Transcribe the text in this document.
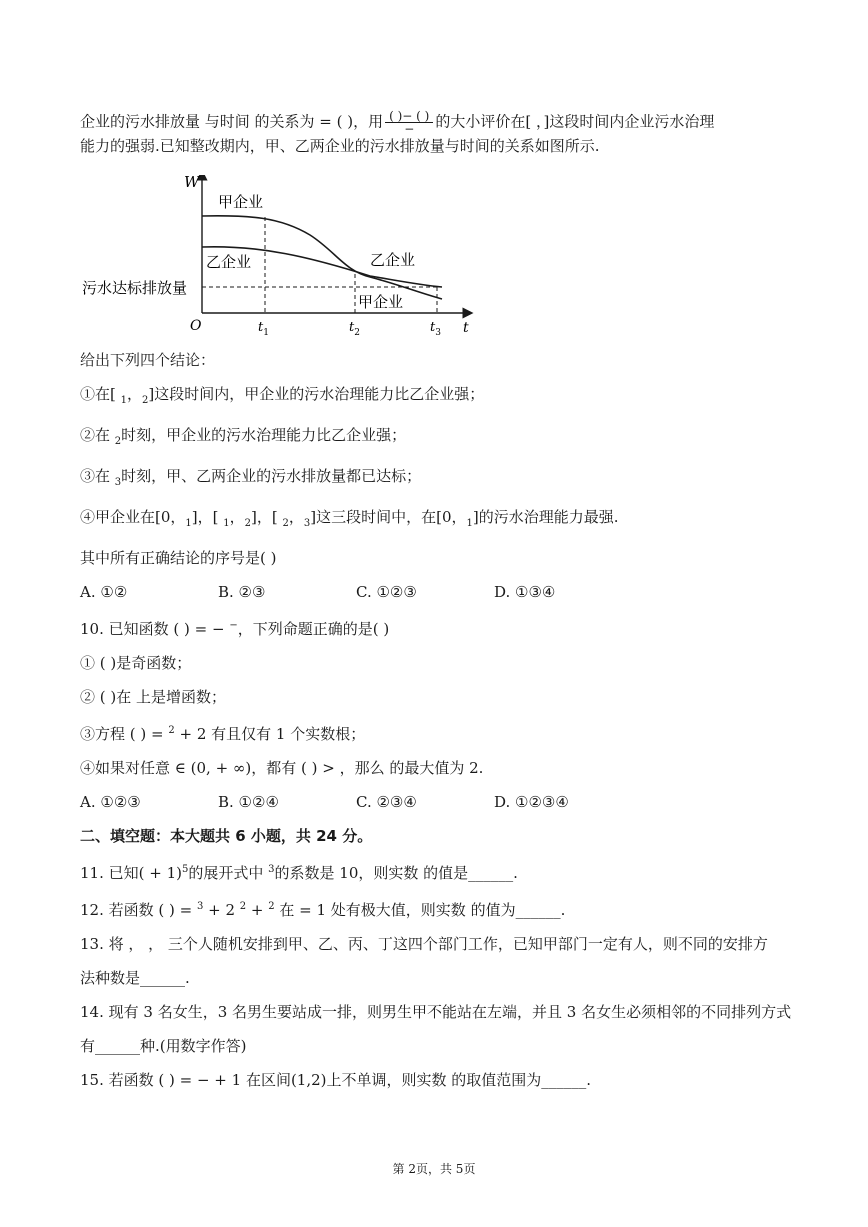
企业的污水排放量 与时间 的关系为 = ( )，用 $\frac{( )- ( )}{-}$ 的大小评价在[ ，]这段时间内企业污水治理

能力的强弱.已知整改期内，甲、乙两企业的污水排放量与时间的关系如图所示.

W
t
O
甲企业
乙企业	乙企业
甲企业
污水达标排放量
$t_1$	$t_2$	$t_3$

给出下列四个结论：

①在[ $_1$，$_2$]这段时间内，甲企业的污水治理能力比乙企业强；

②在 $_2$时刻，甲企业的污水治理能力比乙企业强；

③在 $_3$时刻，甲、乙两企业的污水排放量都已达标；

④甲企业在[0，$_1$]，[ $_1$，$_2$]，[ $_2$，$_3$]这三段时间中，在[0，$_1$]的污水治理能力最强.

其中所有正确结论的序号是( )

A. ①②	B. ②③	C. ①②③	D. ①③④

10. 已知函数 ( ) = − −，下列命题正确的是( )

① ( )是奇函数；

② ( )在 上是增函数；

③方程 ( ) = $^2$ + 2 有且仅有 1 个实数根；

④如果对任意 ∈ (0, + ∞)，都有 ( ) > ，那么 的最大值为 2.

A. ①②③	B. ①②④	C. ②③④	D. ①②③④
二、填空题：本大题共 6 小题，共 24 分。

11. 已知( + 1)$^5$的展开式中 $^3$的系数是 10，则实数 的值是______.

12. 若函数 ( ) = $^3$ + 2 $^2$ + $^2$ 在 = 1 处有极大值，则实数 的值为______.

13. 将 ， ， 三个人随机安排到甲、乙、丙、丁这四个部门工作，已知甲部门一定有人，则不同的安排方

法种数是______.

14. 现有 3 名女生，3 名男生要站成一排，则男生甲不能站在左端，并且 3 名女生必须相邻的不同排列方式

有______种.(用数字作答)

15. 若函数 ( ) = − + 1 在区间(1,2)上不单调，则实数 的取值范围为______.

第 2页，共 5页
